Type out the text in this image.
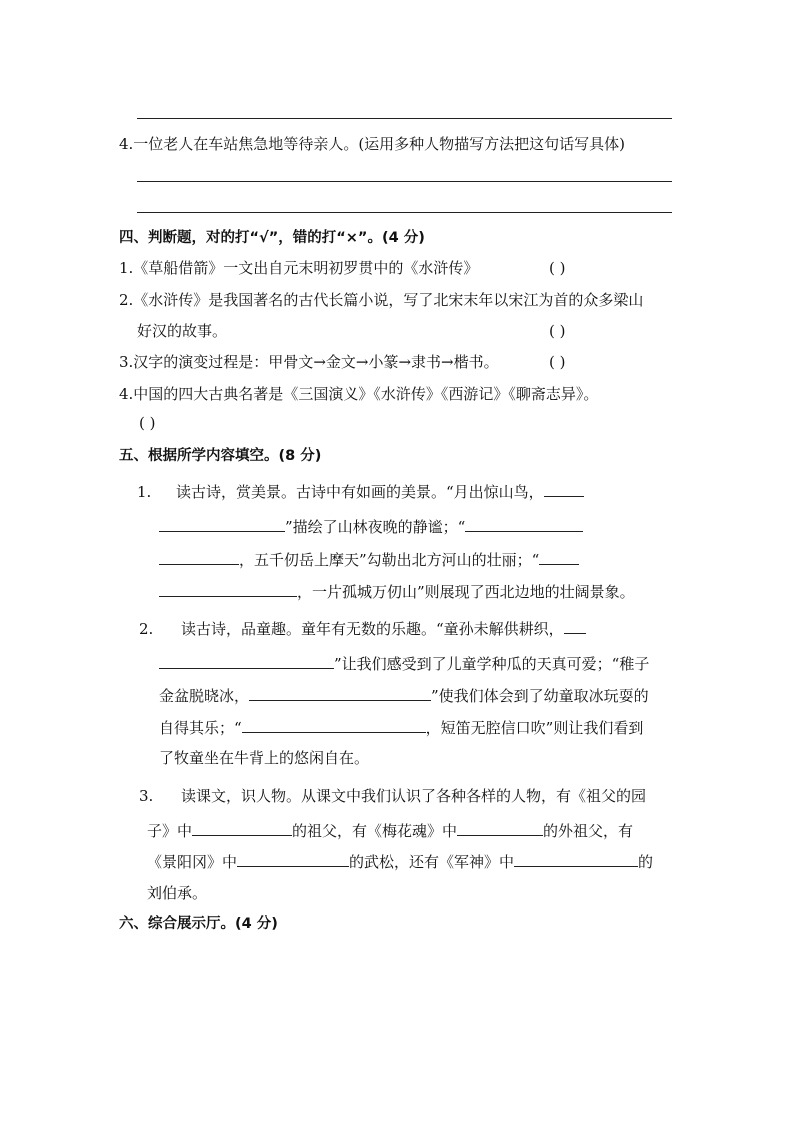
4.一位老人在车站焦急地等待亲人。(运用多种人物描写方法把这句话写具体)
四、判断题，对的打“√”，错的打“×”。(4 分)
1.《草船借箭》一文出自元末明初罗贯中的《水浒传》	( )
2.《水浒传》是我国著名的古代长篇小说，写了北宋末年以宋江为首的众多梁山
好汉的故事。	( )
3.汉字的演变过程是：甲骨文→金文→小篆→隶书→楷书。	( )
4.中国的四大古典名著是《三国演义》《水浒传》《西游记》《聊斋志异》。
( )
五、根据所学内容填空。(8 分)
1. 读古诗，赏美景。古诗中有如画的美景。“月出惊山鸟，
”描绘了山林夜晚的静谧；“
，五千仞岳上摩天”勾勒出北方河山的壮丽；“
，一片孤城万仞山”则展现了西北边地的壮阔景象。
2. 读古诗，品童趣。童年有无数的乐趣。“童孙未解供耕织，
”让我们感受到了儿童学种瓜的天真可爱；“稚子
金盆脱晓冰，	”使我们体会到了幼童取冰玩耍的
自得其乐；“	，短笛无腔信口吹”则让我们看到
了牧童坐在牛背上的悠闲自在。
3. 读课文，识人物。从课文中我们认识了各种各样的人物，有《祖父的园
子》中	的祖父，有《梅花魂》中	的外祖父，有
《景阳冈》中	的武松，还有《军神》中	的
刘伯承。
六、综合展示厅。(4 分)
